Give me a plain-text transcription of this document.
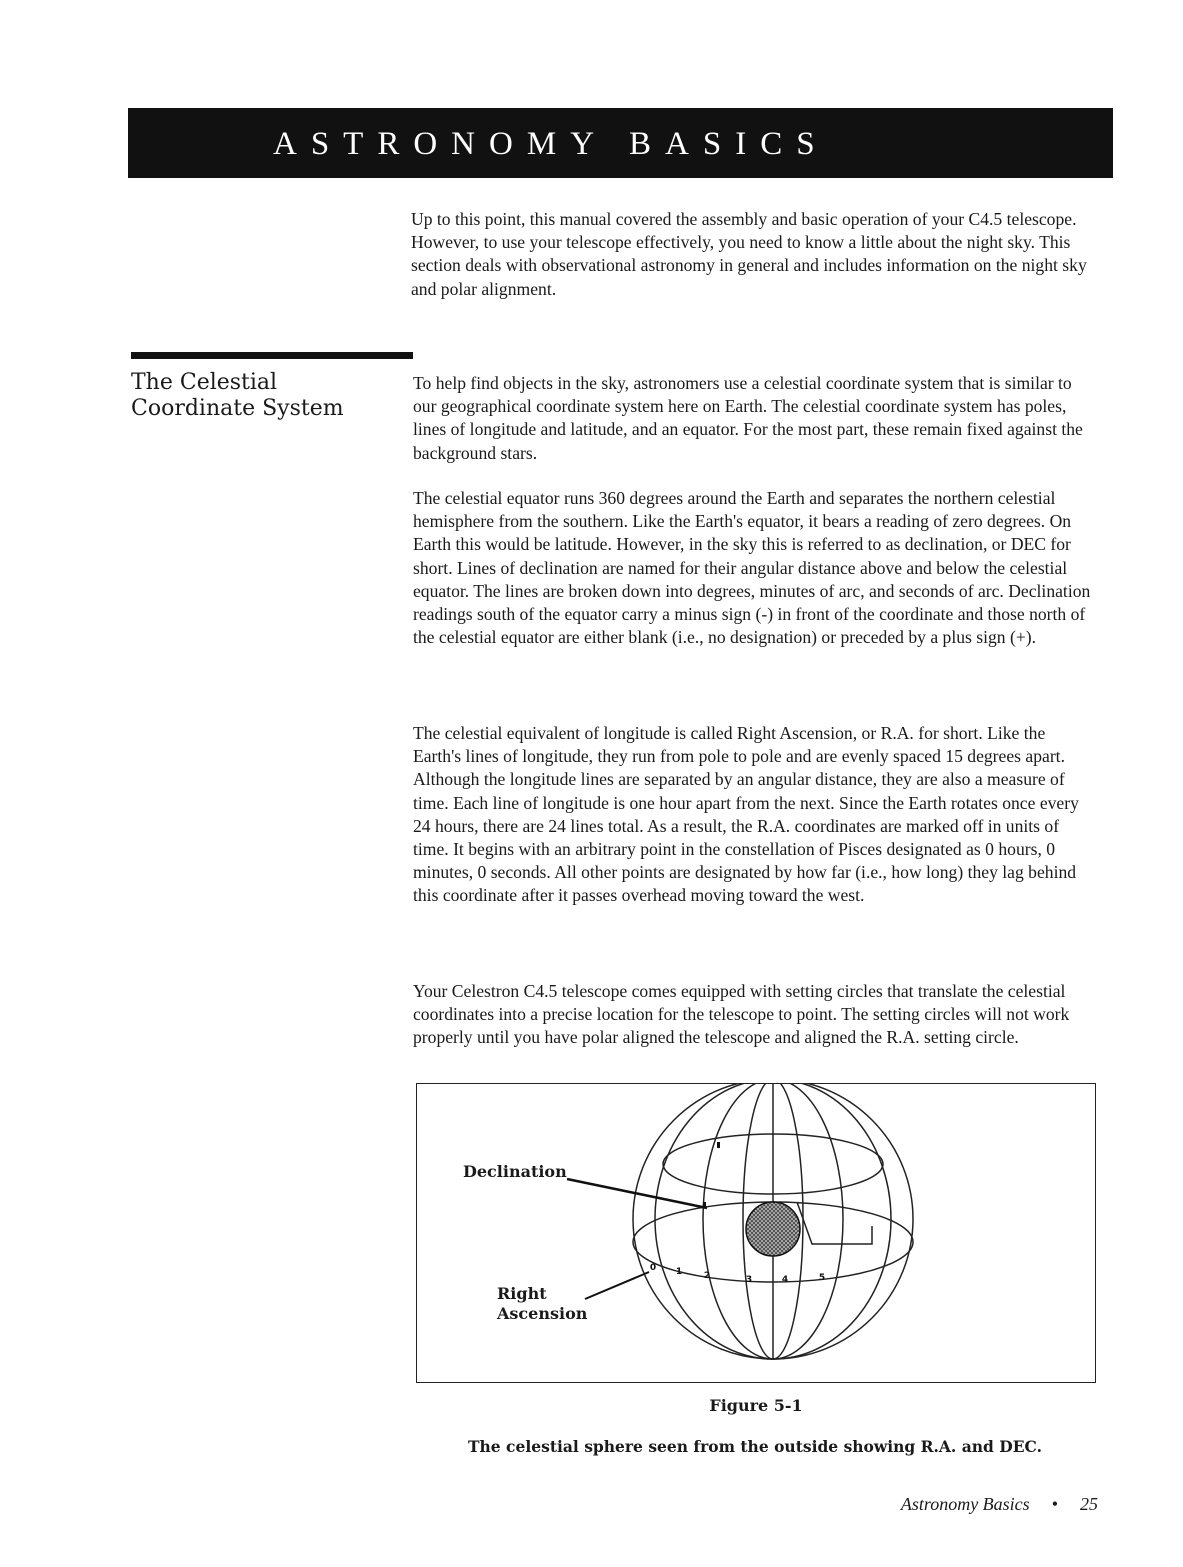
ASTRONOMY BASICS

Up to this point, this manual covered the assembly and basic operation of your C4.5 telescope. However, to use your telescope effectively, you need to know a little about the night sky. This section deals with observational astronomy in general and includes information on the night sky and polar alignment.

The Celestial Coordinate System

To help find objects in the sky, astronomers use a celestial coordinate system that is similar to our geographical coordinate system here on Earth. The celestial coordinate system has poles, lines of longitude and latitude, and an equator. For the most part, these remain fixed against the background stars.

The celestial equator runs 360 degrees around the Earth and separates the northern celestial hemisphere from the southern. Like the Earth's equator, it bears a reading of zero degrees. On Earth this would be latitude. However, in the sky this is referred to as declination, or DEC for short. Lines of declination are named for their angular distance above and below the celestial equator. The lines are broken down into degrees, minutes of arc, and seconds of arc. Declination readings south of the equator carry a minus sign (-) in front of the coordinate and those north of the celestial equator are either blank (i.e., no designation) or preceded by a plus sign (+).

The celestial equivalent of longitude is called Right Ascension, or R.A. for short. Like the Earth's lines of longitude, they run from pole to pole and are evenly spaced 15 degrees apart. Although the longitude lines are separated by an angular distance, they are also a measure of time. Each line of longitude is one hour apart from the next. Since the Earth rotates once every 24 hours, there are 24 lines total. As a result, the R.A. coordinates are marked off in units of time. It begins with an arbitrary point in the constellation of Pisces designated as 0 hours, 0 minutes, 0 seconds. All other points are designated by how far (i.e., how long) they lag behind this coordinate after it passes overhead moving toward the west.

Your Celestron C4.5 telescope comes equipped with setting circles that translate the celestial coordinates into a precise location for the telescope to point. The setting circles will not work properly until you have polar aligned the telescope and aligned the R.A. setting circle.

0 1 2	3	4	5

Declination

Right Ascension

Figure 5-1

The celestial sphere seen from the outside showing R.A. and DEC.

Astronomy Basics • 25
